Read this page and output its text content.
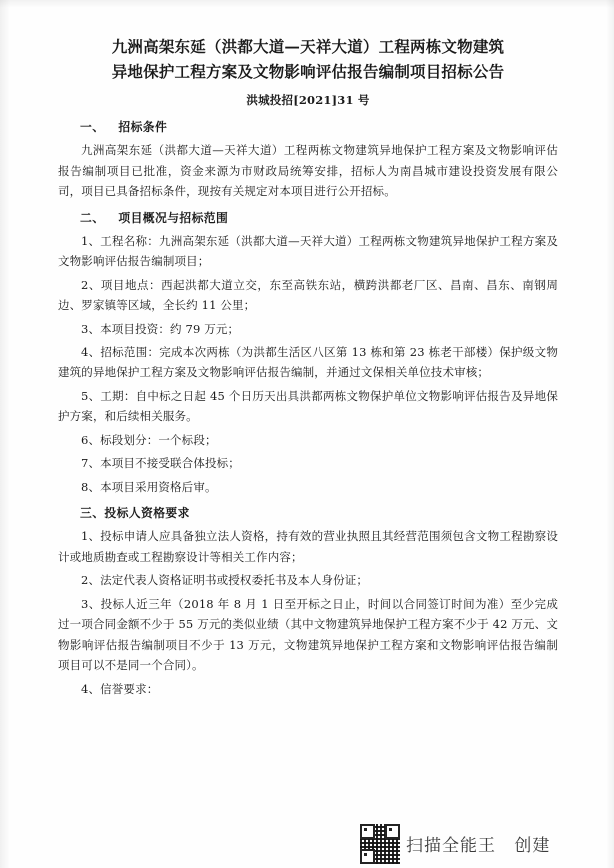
九洲高架东延（洪都大道—天祥大道）工程两栋文物建筑
异地保护工程方案及文物影响评估报告编制项目招标公告
洪城投招[2021]31 号
一、 招标条件

九洲高架东延（洪都大道—天祥大道）工程两栋文物建筑异地保护工程方案及文物影响评估报告编制项目已批准，资金来源为市财政局统筹安排，招标人为南昌城市建设投资发展有限公司，项目已具备招标条件，现按有关规定对本项目进行公开招标。

二、 项目概况与招标范围

1、工程名称：九洲高架东延（洪都大道—天祥大道）工程两栋文物建筑异地保护工程方案及文物影响评估报告编制项目；

2、项目地点：西起洪都大道立交，东至高铁东站，横跨洪都老厂区、昌南、昌东、南钢周边、罗家镇等区域，全长约 11 公里；

3、本项目投资：约 79 万元；

4、招标范围：完成本次两栋（为洪都生活区八区第 13 栋和第 23 栋老干部楼）保护级文物建筑的异地保护工程方案及文物影响评估报告编制，并通过文保相关单位技术审核；

5、工期：自中标之日起 45 个日历天出具洪都两栋文物保护单位文物影响评估报告及异地保护方案，和后续相关服务。

6、标段划分：一个标段；

7、本项目不接受联合体投标；

8、本项目采用资格后审。

三、投标人资格要求

1、投标申请人应具备独立法人资格，持有效的营业执照且其经营范围须包含文物工程勘察设计或地质勘查或工程勘察设计等相关工作内容；

2、法定代表人资格证明书或授权委托书及本人身份证；

3、投标人近三年（2018 年 8 月 1 日至开标之日止，时间以合同签订时间为准）至少完成过一项合同金额不少于 55 万元的类似业绩（其中文物建筑异地保护工程方案不少于 42 万元、文物影响评估报告编制项目不少于 13 万元，文物建筑异地保护工程方案和文物影响评估报告编制项目可以不是同一个合同）。

4、信誉要求：

扫描全能王 创建
